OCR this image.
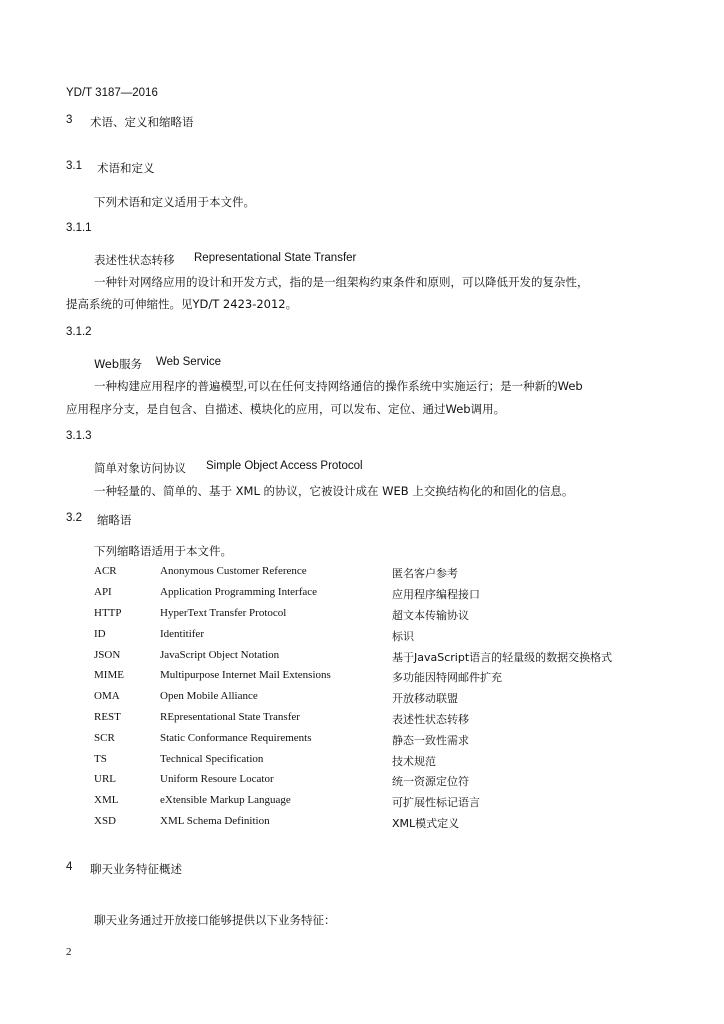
YD/T 3187—2016
3 术语、定义和缩略语
3.1 术语和定义
下列术语和定义适用于本文件。
3.1.1
表述性状态转移 Representational State Transfer
一种针对网络应用的设计和开发方式，指的是一组架构约束条件和原则，可以降低开发的复杂性，
提高系统的可伸缩性。见YD/T 2423-2012。
3.1.2
Web服务 Web Service
一种构建应用程序的普遍模型,可以在任何支持网络通信的操作系统中实施运行；是一种新的Web
应用程序分支，是自包含、自描述、模块化的应用，可以发布、定位、通过Web调用。
3.1.3
简单对象访问协议 Simple Object Access Protocol
一种轻量的、简单的、基于 XML 的协议，它被设计成在 WEB 上交换结构化的和固化的信息。
3.2 缩略语
下列缩略语适用于本文件。
ACR	Anonymous Customer Reference	匿名客户参考
API	Application Programming Interface	应用程序编程接口
HTTP	HyperText Transfer Protocol	超文本传输协议
ID	Identitifer	标识
JSON	JavaScript Object Notation	基于JavaScript语言的轻量级的数据交换格式
MIME	Multipurpose Internet Mail Extensions	多功能因特网邮件扩充
OMA	Open Mobile Alliance	开放移动联盟
REST	REpresentational State Transfer	表述性状态转移
SCR	Static Conformance Requirements	静态一致性需求
TS	Technical Specification	技术规范
URL	Uniform Resoure Locator	统一资源定位符
XML	eXtensible Markup Language	可扩展性标记语言
XSD	XML Schema Definition	XML模式定义
4 聊天业务特征概述
聊天业务通过开放接口能够提供以下业务特征：
2
